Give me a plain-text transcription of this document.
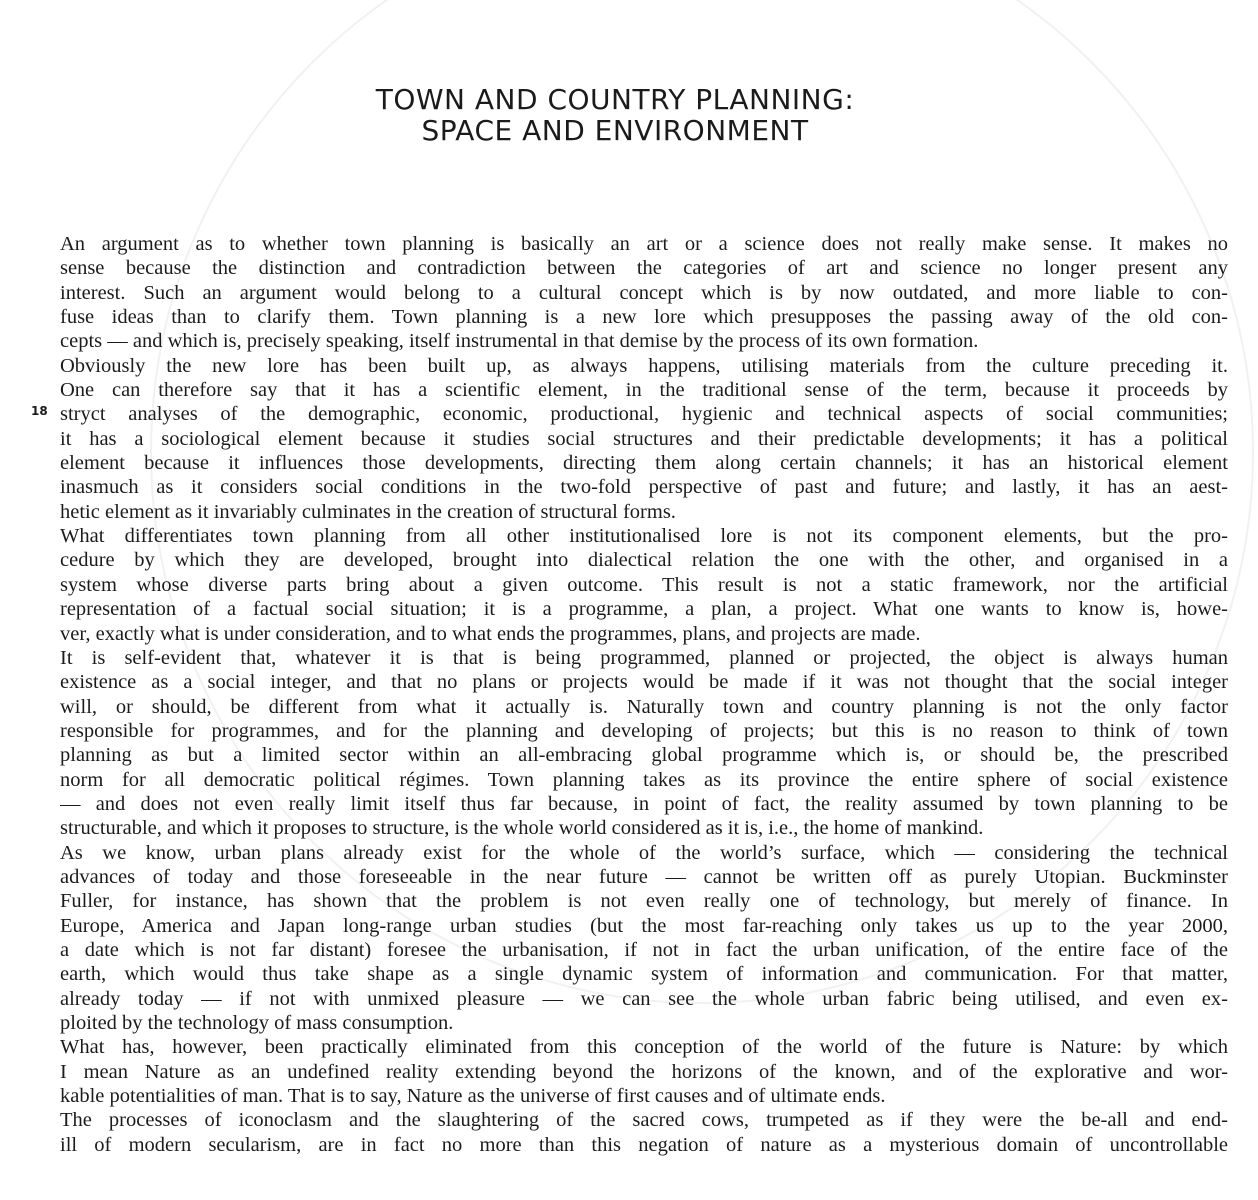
TOWN AND COUNTRY PLANNING:
SPACE AND ENVIRONMENT
18
An argument as to whether town planning is basically an art or a science does not really make sense. It makes no
sense because the distinction and contradiction between the categories of art and science no longer present any
interest. Such an argument would belong to a cultural concept which is by now outdated, and more liable to con-
fuse ideas than to clarify them. Town planning is a new lore which presupposes the passing away of the old con-
cepts — and which is, precisely speaking, itself instrumental in that demise by the process of its own formation.
Obviously the new lore has been built up, as always happens, utilising materials from the culture preceding it.
One can therefore say that it has a scientific element, in the traditional sense of the term, because it proceeds by
stryct analyses of the demographic, economic, productional, hygienic and technical aspects of social communities;
it has a sociological element because it studies social structures and their predictable developments; it has a political
element because it influences those developments, directing them along certain channels; it has an historical element
inasmuch as it considers social conditions in the two-fold perspective of past and future; and lastly, it has an aest-
hetic element as it invariably culminates in the creation of structural forms.
What differentiates town planning from all other institutionalised lore is not its component elements, but the pro-
cedure by which they are developed, brought into dialectical relation the one with the other, and organised in a
system whose diverse parts bring about a given outcome. This result is not a static framework, nor the artificial
representation of a factual social situation; it is a programme, a plan, a project. What one wants to know is, howe-
ver, exactly what is under consideration, and to what ends the programmes, plans, and projects are made.
It is self-evident that, whatever it is that is being programmed, planned or projected, the object is always human
existence as a social integer, and that no plans or projects would be made if it was not thought that the social integer
will, or should, be different from what it actually is. Naturally town and country planning is not the only factor
responsible for programmes, and for the planning and developing of projects; but this is no reason to think of town
planning as but a limited sector within an all-embracing global programme which is, or should be, the prescribed
norm for all democratic political régimes. Town planning takes as its province the entire sphere of social existence
— and does not even really limit itself thus far because, in point of fact, the reality assumed by town planning to be
structurable, and which it proposes to structure, is the whole world considered as it is, i.e., the home of mankind.
As we know, urban plans already exist for the whole of the world’s surface, which — considering the technical
advances of today and those foreseeable in the near future — cannot be written off as purely Utopian. Buckminster
Fuller, for instance, has shown that the problem is not even really one of technology, but merely of finance. In
Europe, America and Japan long-range urban studies (but the most far-reaching only takes us up to the year 2000,
a date which is not far distant) foresee the urbanisation, if not in fact the urban unification, of the entire face of the
earth, which would thus take shape as a single dynamic system of information and communication. For that matter,
already today — if not with unmixed pleasure — we can see the whole urban fabric being utilised, and even ex-
ploited by the technology of mass consumption.
What has, however, been practically eliminated from this conception of the world of the future is Nature: by which
I mean Nature as an undefined reality extending beyond the horizons of the known, and of the explorative and wor-
kable potentialities of man. That is to say, Nature as the universe of first causes and of ultimate ends.
The processes of iconoclasm and the slaughtering of the sacred cows, trumpeted as if they were the be-all and end-
ill of modern secularism, are in fact no more than this negation of nature as a mysterious domain of uncontrollable
